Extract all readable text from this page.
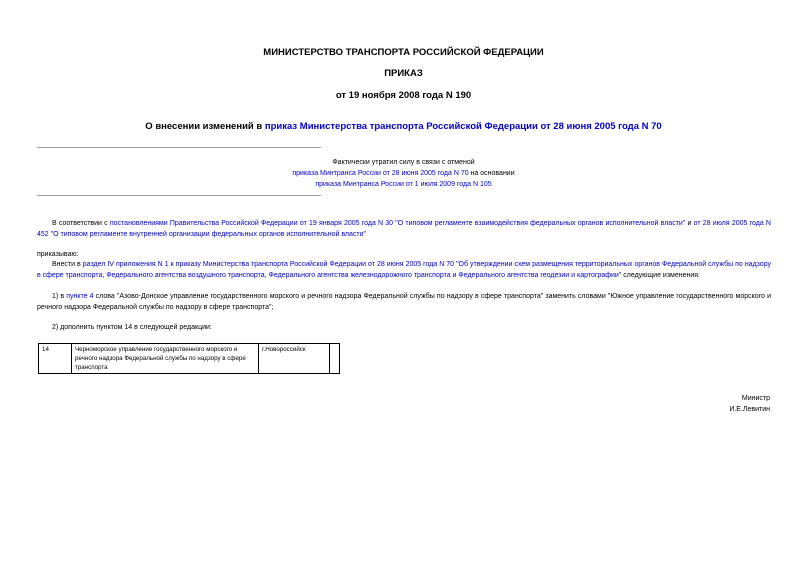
МИНИСТЕРСТВО ТРАНСПОРТА РОССИЙСКОЙ ФЕДЕРАЦИИ
ПРИКАЗ
от 19 ноября 2008 года N 190
О внесении изменений в приказ Министерства транспорта Российской Федерации от 28 июня 2005 года N 70
Фактически утратил силу в связи с отменой
приказа Минтранса России от 28 июня 2005 года N 70 на основании
приказа Минтранса России от 1 июля 2009 года N 105
В соответствии с постановлениями Правительства Российской Федерации от 19 января 2005 года N 30 "О типовом регламенте взаимодействия федеральных органов исполнительной власти" и от 28 июля 2005 года N 452 "О типовом регламенте внутренней организации федеральных органов исполнительной власти"
приказываю:
Внести в раздел IV приложения N 1 к приказу Министерства транспорта Российской Федерации от 28 июня 2005 года N 70 "Об утверждении схем размещения территориальных органов Федеральной службы по надзору в сфере транспорта, Федерального агентства воздушного транспорта, Федерального агентства железнодорожного транспорта и Федерального агентства геодезии и картографии" следующие изменения:
1) в пункте 4 слова "Азово-Донское управление государственного морского и речного надзора Федеральной службы по надзору в сфере транспорта" заменить словами "Южное управление государственного морского и речного надзора Федеральной службы по надзору в сфере транспорта";
2) дополнить пунктом 14 в следующей редакции:
14	Черноморское управление государственного морского и речного надзора Федеральной службы по надзору в сфере транспорта	г.Новороссийск	
Министр
И.Е.Левитин
